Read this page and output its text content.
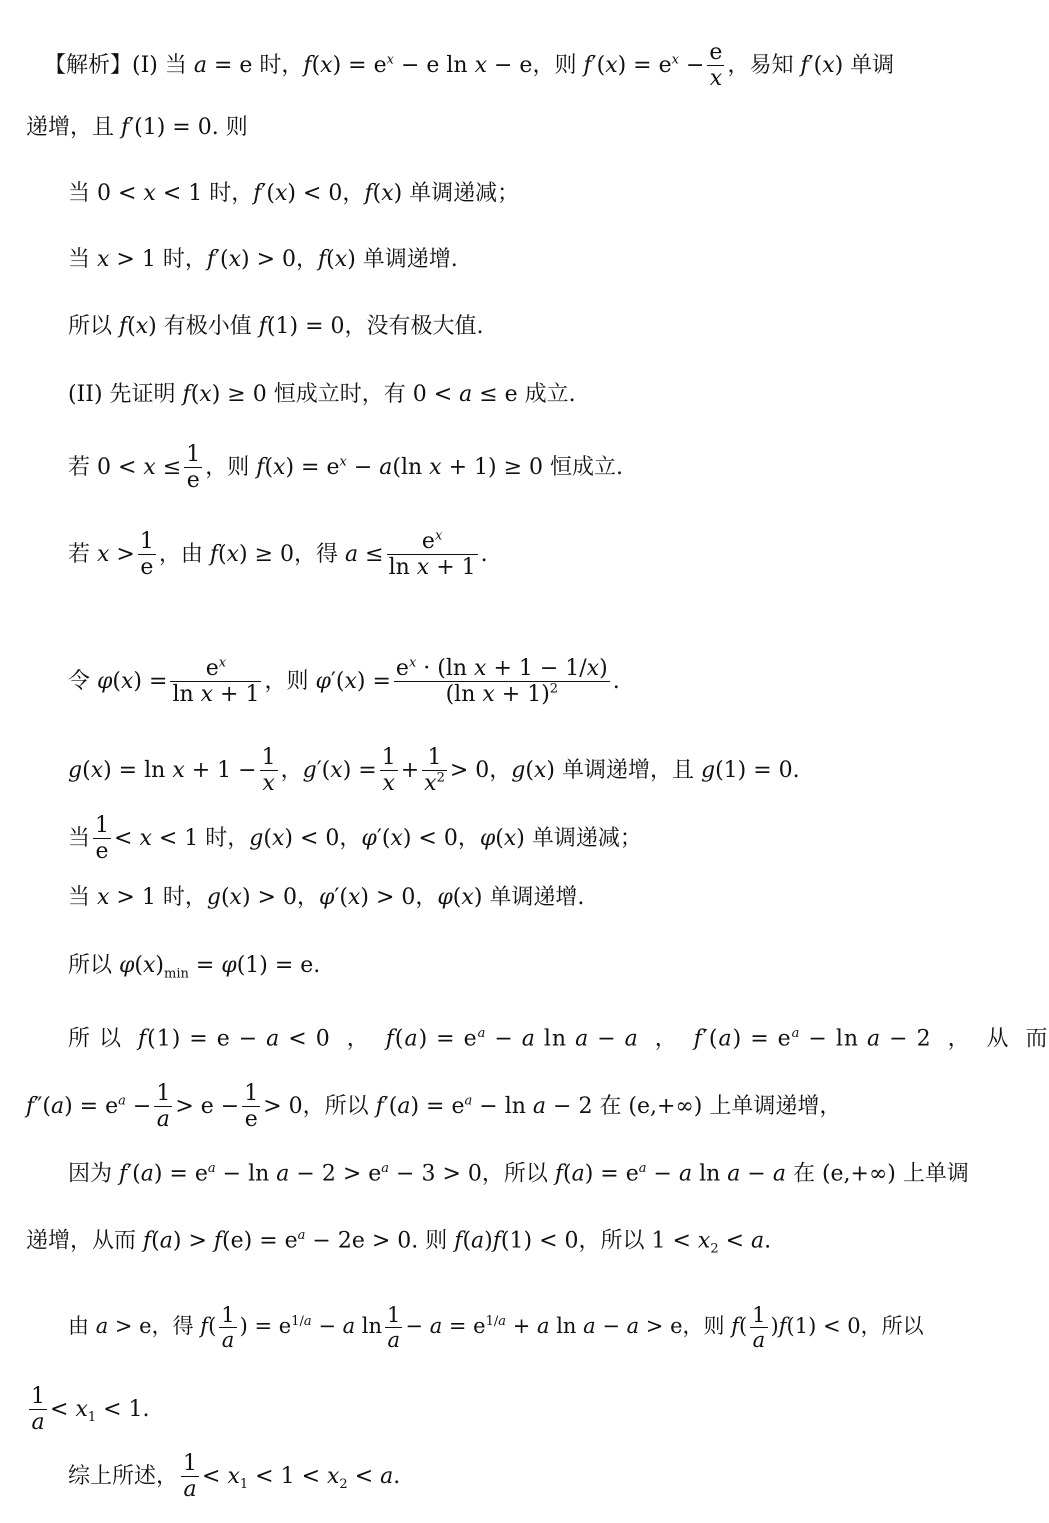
【解析】(I) 当 a = e 时，$f(x) = e^x - e$ ln x − e，则 $f'(x) = e^x - \frac{e}{x}$ ，易知 f′(x) 单调
递增，且 f′(1) = 0. 则
当 0 < x < 1 时，f′(x) < 0，f(x) 单调递减；
当 x > 1 时，f′(x) > 0，f(x) 单调递增.
所以 f(x) 有极小值 f(1) = 0，没有极大值.
(II) 先证明 f(x) ≥ 0 恒成立时，有 0 < a ≤ e 成立.
若 $0 < x \le \frac{1}{e}$ ，则 $f(x) = e^x - a(\ln$ x + 1) ≥ 0 恒成立.
若 $x > \frac{1}{e}$ ，由 f(x) ≥ 0，得 $a \le \frac{e^x}{\text{ln x + 1}}$ .
令 $\varphi(x) = \frac{e^x}{\text{ln x + 1}}$ ，则 $\varphi'(x) = \frac{e^x \cdot (\ln x + 1 - 1/x)}{(\ln x + 1)^2}$ .
$g(x) = \ln x + 1 - \frac{1}{x}$ ，$g'(x) = \frac{1}{x} + \frac{1}{x^2} > 0$，g(x) 单调递增，且 g(1) = 0.
当 $\frac{1}{e} < x < 1$ 时，g(x) < 0，φ′(x) < 0，φ(x) 单调递减；
当 x > 1 时，g(x) > 0，φ′(x) > 0，φ(x) 单调递增.
所以 $\varphi(x)_{min} = \varphi(1) = e$.
所 以  f(1) = e − a < 0  ，  $f(a) = e^a - a$ ln a − a  ，  $f'(a) = e^a - \ln a - 2$  ，  从  而
$f''(a) = e^a - \frac{1}{a} > e - \frac{1}{e} > 0$，所以 $f'(a) = e^a - \ln a - 2$ 在 (e,+∞) 上单调递增，
因为 $f'(a) = e^a - \ln a - 2 > e^a - 3 > 0$，所以 $f(a) = e^a - a$ ln a − a 在 (e,+∞) 上单调
递增，从而 $f(a) > f(e) = e^a - 2e > 0$. 则 f(a)f(1) < 0，所以 $1 < x_2 < a$.
由 a > e，得 $f( \frac{1}{a}$ ) = $e^{1/a} - a$ $\ln \frac{1}{a} - a = e^{1/a} + a$ ln a − a > e，则 $f( \frac{1}{a} )f(1) < 0$，所以
$\frac{1}{a} < x_1 < 1$.
综上所述， $\frac{1}{a} < x_1 < 1 < x_2 < a$.
